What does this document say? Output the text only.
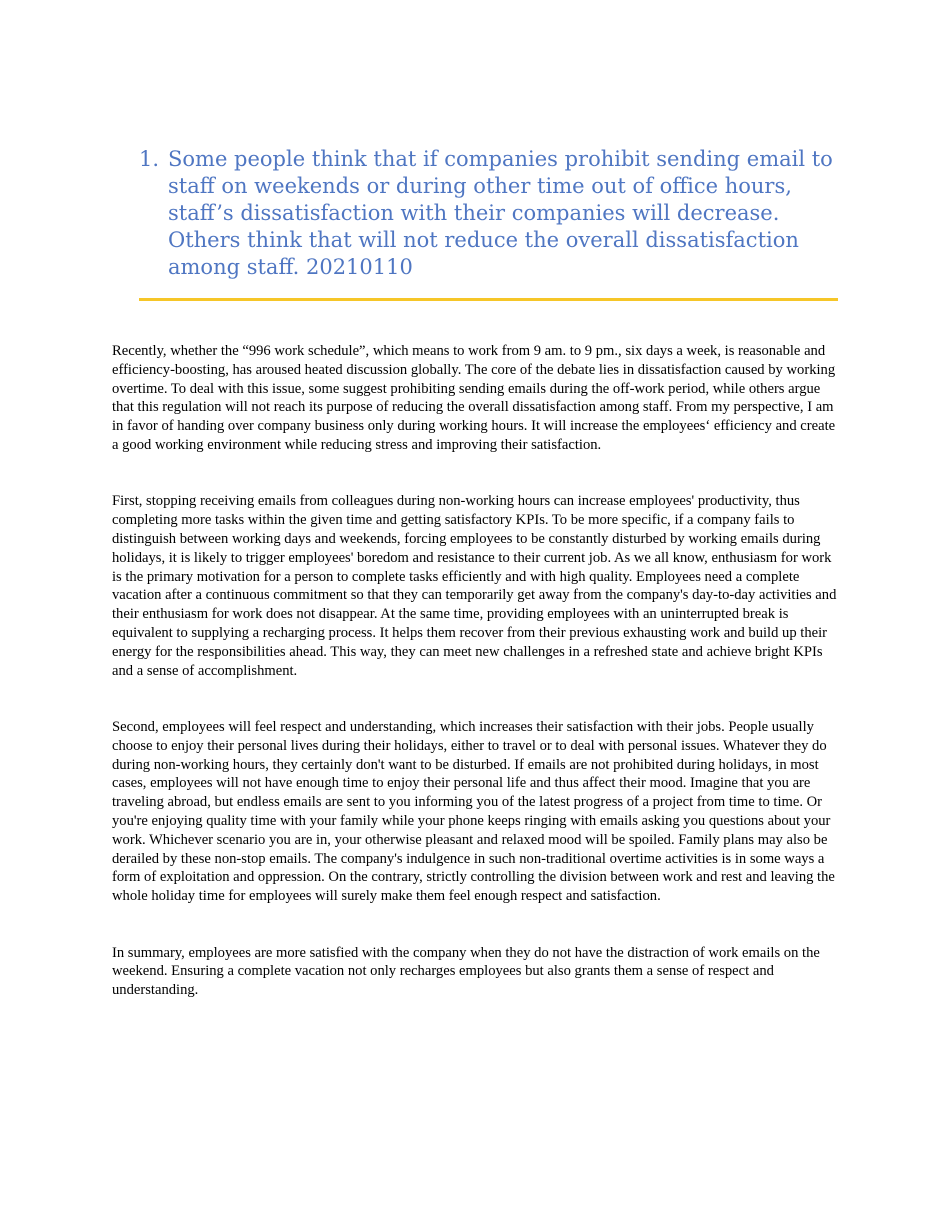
1. Some people think that if companies prohibit sending email to staff on weekends or during other time out of office hours, staff’s dissatisfaction with their companies will decrease. Others think that will not reduce the overall dissatisfaction among staff. 20210110

Recently, whether the “996 work schedule”, which means to work from 9 am. to 9 pm., six days a week, is reasonable and efficiency-boosting, has aroused heated discussion globally. The core of the debate lies in dissatisfaction caused by working overtime. To deal with this issue, some suggest prohibiting sending emails during the off-work period, while others argue that this regulation will not reach its purpose of reducing the overall dissatisfaction among staff. From my perspective, I am in favor of handing over company business only during working hours. It will increase the employees‘ efficiency and create a good working environment while reducing stress and improving their satisfaction.

First, stopping receiving emails from colleagues during non-working hours can increase employees' productivity, thus completing more tasks within the given time and getting satisfactory KPIs. To be more specific, if a company fails to distinguish between working days and weekends, forcing employees to be constantly disturbed by working emails during holidays, it is likely to trigger employees' boredom and resistance to their current job. As we all know, enthusiasm for work is the primary motivation for a person to complete tasks efficiently and with high quality. Employees need a complete vacation after a continuous commitment so that they can temporarily get away from the company's day-to-day activities and their enthusiasm for work does not disappear. At the same time, providing employees with an uninterrupted break is equivalent to supplying a recharging process. It helps them recover from their previous exhausting work and build up their energy for the responsibilities ahead. This way, they can meet new challenges in a refreshed state and achieve bright KPIs and a sense of accomplishment.

Second, employees will feel respect and understanding, which increases their satisfaction with their jobs. People usually choose to enjoy their personal lives during their holidays, either to travel or to deal with personal issues. Whatever they do during non-working hours, they certainly don't want to be disturbed. If emails are not prohibited during holidays, in most cases, employees will not have enough time to enjoy their personal life and thus affect their mood. Imagine that you are traveling abroad, but endless emails are sent to you informing you of the latest progress of a project from time to time. Or you're enjoying quality time with your family while your phone keeps ringing with emails asking you questions about your work. Whichever scenario you are in, your otherwise pleasant and relaxed mood will be spoiled. Family plans may also be derailed by these non-stop emails. The company's indulgence in such non-traditional overtime activities is in some ways a form of exploitation and oppression. On the contrary, strictly controlling the division between work and rest and leaving the whole holiday time for employees will surely make them feel enough respect and satisfaction.

In summary, employees are more satisfied with the company when they do not have the distraction of work emails on the weekend. Ensuring a complete vacation not only recharges employees but also grants them a sense of respect and understanding.
